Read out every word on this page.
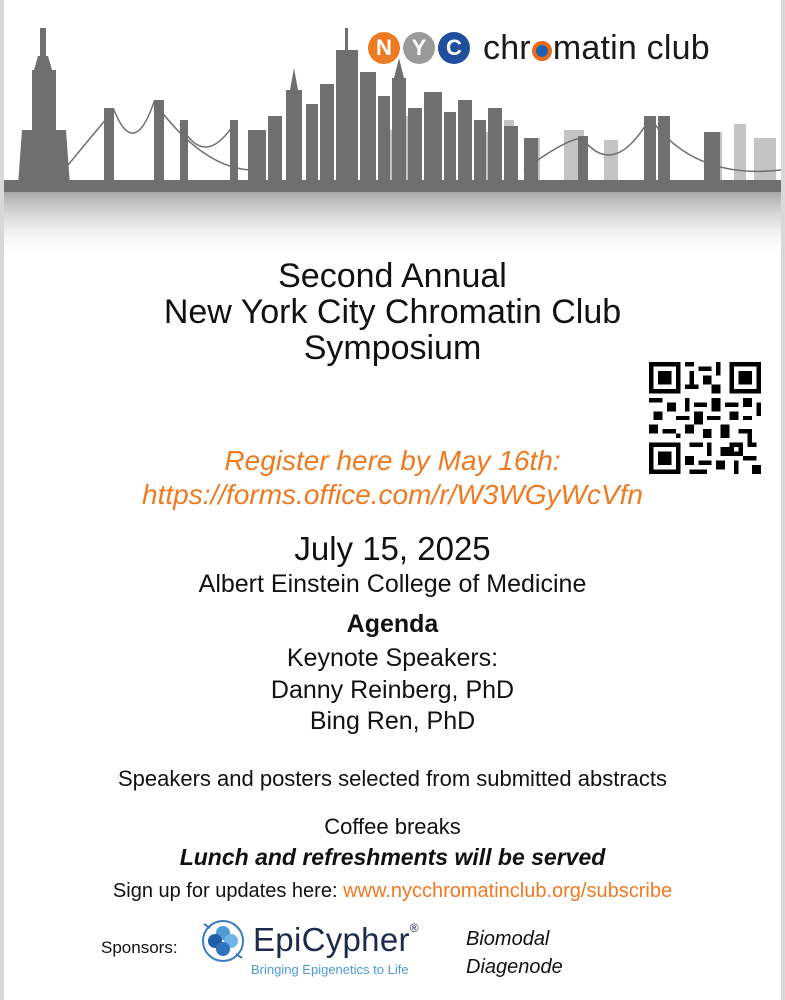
N Y C chr matin club
Second Annual
New York City Chromatin Club
Symposium
Register here by May 16th:
https://forms.office.com/r/W3WGyWcVfn
July 15, 2025
Albert Einstein College of Medicine
Agenda
Keynote Speakers:
Danny Reinberg, PhD
Bing Ren, PhD
Speakers and posters selected from submitted abstracts
Coffee breaks
Lunch and refreshments will be served
Sign up for updates here: www.nycchromatinclub.org/subscribe
Sponsors: EpiCypher®
Bringing Epigenetics to Life
Biomodal
Diagenode
